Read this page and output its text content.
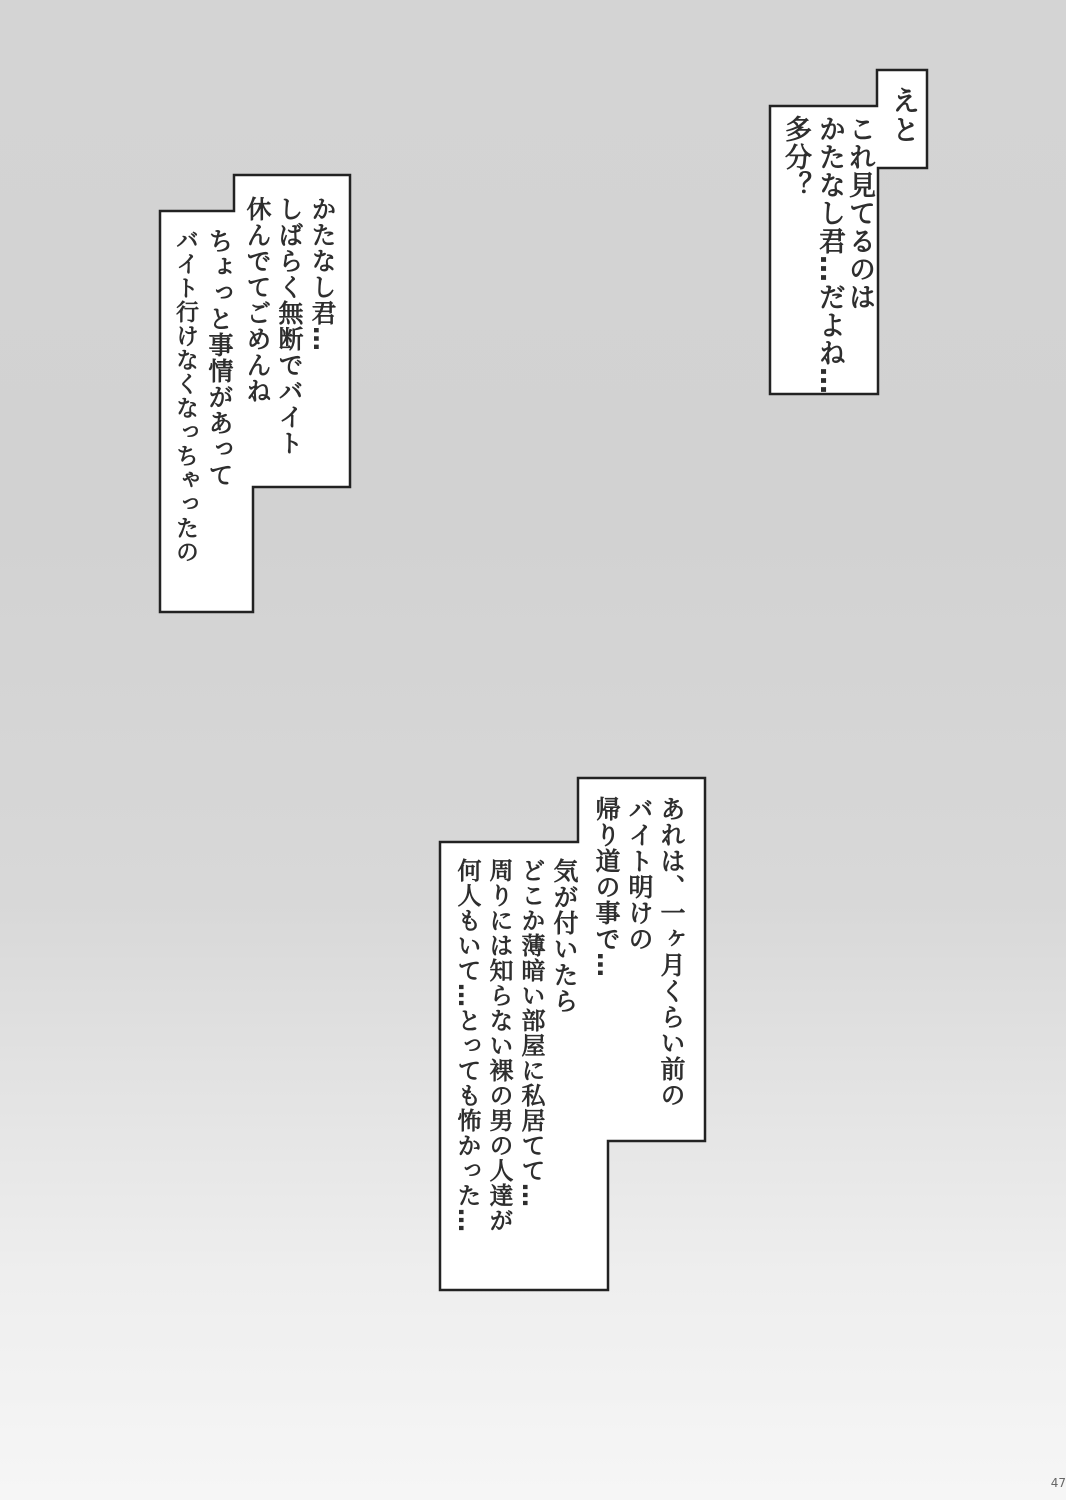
えと
これ見てるのは
かたなし君…だよね…
多分？
かたなし君…
しばらく無断でバイト
休んでてごめんね
ちょっと事情があって
バイト行けなくなっちゃったの
あれは、一ヶ月くらい前の
バイト明けの
帰り道の事で…
気が付いたら
どこか薄暗い部屋に私居てて…
周りには知らない裸の男の人達が
何人もいて…とっても怖かった…
47
